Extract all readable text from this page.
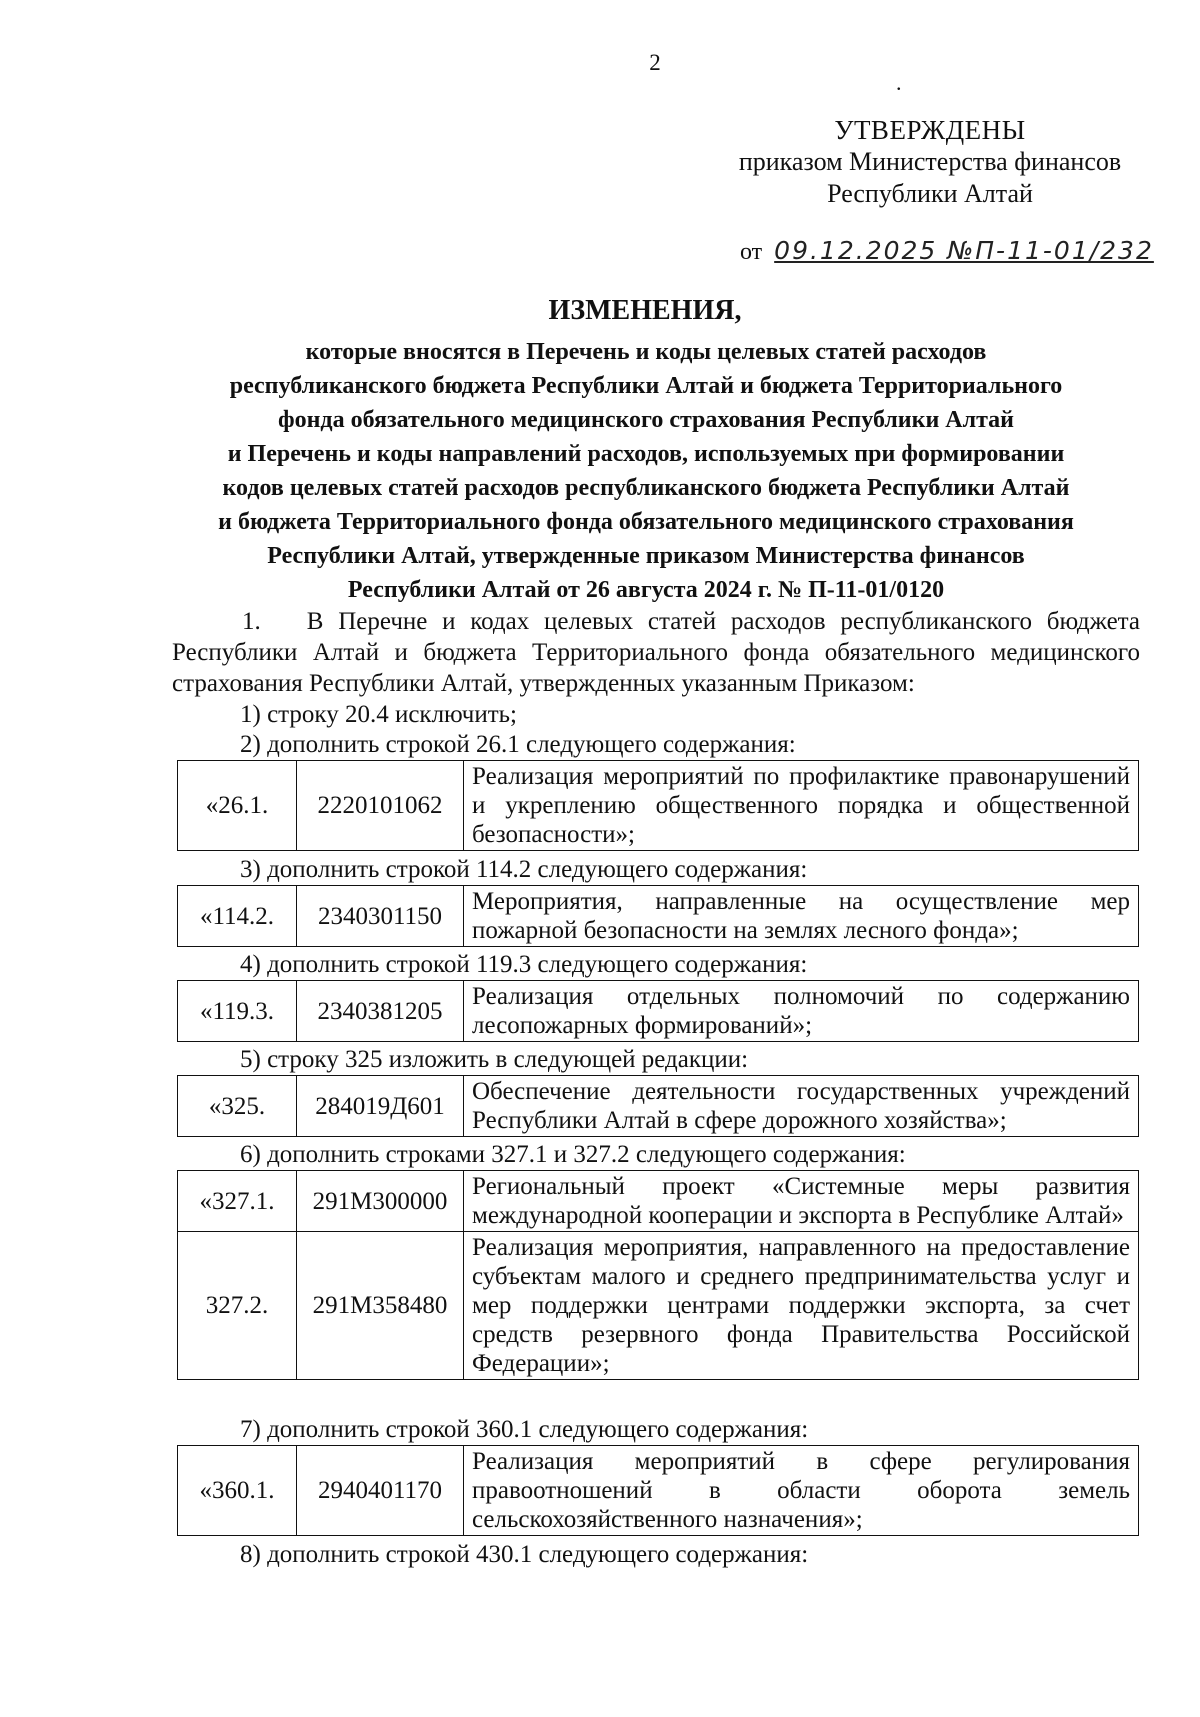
2
.
УТВЕРЖДЕНЫ
приказом Министерства финансов
Республики Алтай
от 09.12.2025 №П-11-01/232
ИЗМЕНЕНИЯ,
которые вносятся в Перечень и коды целевых статей расходов
республиканского бюджета Республики Алтай и бюджета Территориального
фонда обязательного медицинского страхования Республики Алтай
и Перечень и коды направлений расходов, используемых при формировании
кодов целевых статей расходов республиканского бюджета Республики Алтай
и бюджета Территориального фонда обязательного медицинского страхования
Республики Алтай, утвержденные приказом Министерства финансов
Республики Алтай от 26 августа 2024 г. № П-11-01/0120
1. В Перечне и кодах целевых статей расходов республиканского бюджета Республики Алтай и бюджета Территориального фонда обязательного медицинского страхования Республики Алтай, утвержденных указанным Приказом:
1) строку 20.4 исключить;
2) дополнить строкой 26.1 следующего содержания:
«26.1.	2220101062	Реализация мероприятий по профилактике правонарушений и укреплению общественного порядка и общественной безопасности»;
3) дополнить строкой 114.2 следующего содержания:
«114.2.	2340301150	Мероприятия, направленные на осуществление мер пожарной безопасности на землях лесного фонда»;
4) дополнить строкой 119.3 следующего содержания:
«119.3.	2340381205	Реализация отдельных полномочий по содержанию лесопожарных формирований»;
5) строку 325 изложить в следующей редакции:
«325.	284019Д601	Обеспечение деятельности государственных учреждений Республики Алтай в сфере дорожного хозяйства»;
6) дополнить строками 327.1 и 327.2 следующего содержания:
«327.1.	291М300000	Региональный проект «Системные меры развития международной кооперации и экспорта в Республике Алтай»
327.2.	291М358480	Реализация мероприятия, направленного на предоставление субъектам малого и среднего предпринимательства услуг и мер поддержки центрами поддержки экспорта, за счет средств резервного фонда Правительства Российской Федерации»;
7) дополнить строкой 360.1 следующего содержания:
«360.1.	2940401170	Реализация мероприятий в сфере регулирования правоотношений в области оборота земель сельскохозяйственного назначения»;
8) дополнить строкой 430.1 следующего содержания:
